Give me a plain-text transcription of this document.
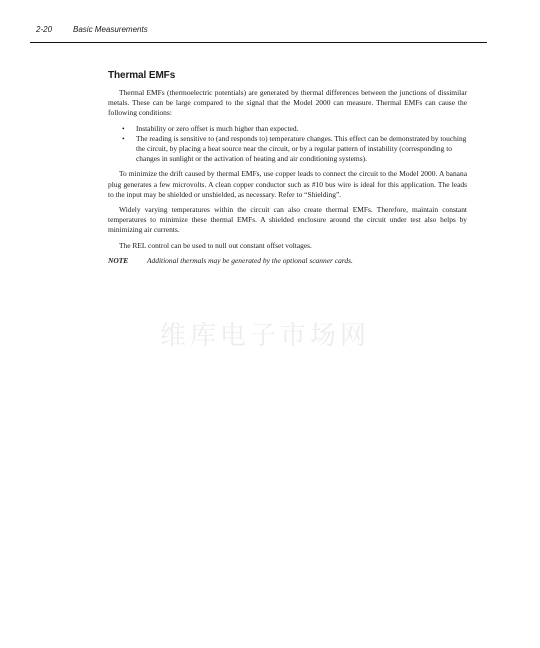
2-20	Basic Measurements
Thermal EMFs

Thermal EMFs (thermoelectric potentials) are generated by thermal differences between the junctions of dissimilar metals. These can be large compared to the signal that the Model 2000 can measure. Thermal EMFs can cause the following conditions:

• Instability or zero offset is much higher than expected.
• The reading is sensitive to (and responds to) temperature changes. This effect can be demonstrated by touching the circuit, by placing a heat source near the circuit, or by a regular pattern of instability (corresponding to changes in sunlight or the activation of heating and air conditioning systems).

To minimize the drift caused by thermal EMFs, use copper leads to connect the circuit to the Model 2000. A banana plug generates a few microvolts. A clean copper conductor such as #10 bus wire is ideal for this application. The leads to the input may be shielded or unshielded, as necessary. Refer to “Shielding”.

Widely varying temperatures within the circuit can also create thermal EMFs. Therefore, maintain constant temperatures to minimize these thermal EMFs. A shielded enclosure around the circuit under test also helps by minimizing air currents.

The REL control can be used to null out constant offset voltages.

NOTE	Additional thermals may be generated by the optional scanner cards.
维库电子市场网
